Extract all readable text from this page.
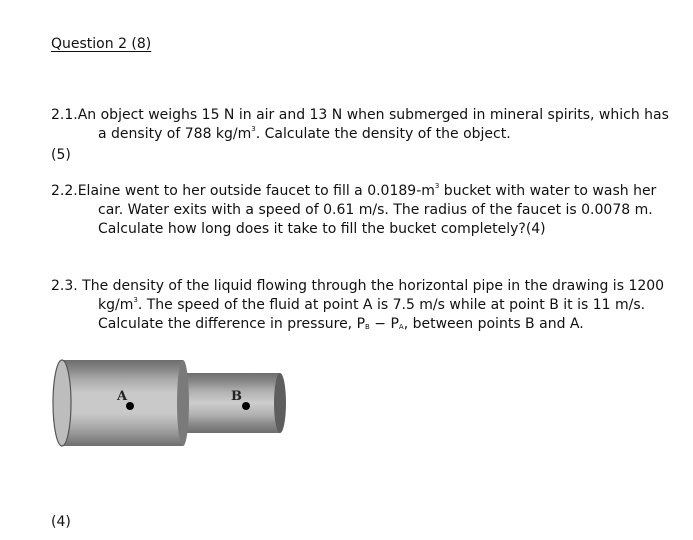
Question 2 (8)
2.1.An object weighs 15 N in air and 13 N when submerged in mineral spirits, which has
a density of 788 $kg/m^3$. Calculate the density of the object.
(5)
2.2.Elaine went to her outside faucet to fill a $0.0189-m^3$ bucket with water to wash her
car. Water exits with a speed of 0.61 m/s. The radius of the faucet is 0.0078 m.
Calculate how long does it take to fill the bucket completely?(4)
2.3. The density of the liquid flowing through the horizontal pipe in the drawing is 1200
$kg/m^3$. The speed of the fluid at point A is 7.5 m/s while at point B it is 11 m/s.
Calculate the difference in pressure, $P_B - P_A$, between points B and A.
A	B
(4)
